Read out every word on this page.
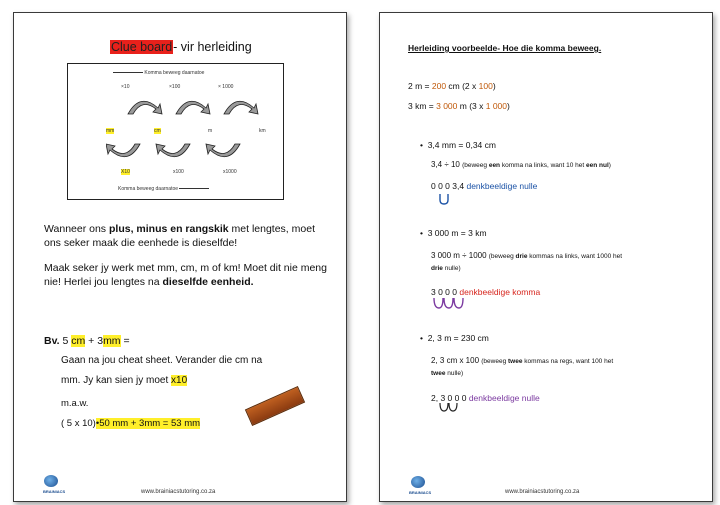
Clue board- vir herleiding
Komma beweeg daarnatoe
×10	×100	× 1000
mm	cm	m	km
X10	x100	x1000
Komma beweeg daarnatoe
Wanneer ons plus, minus en rangskik met lengtes, moet ons seker maak die eenhede is dieselfde!
Maak seker jy werk met mm, cm, m of km! Moet dit nie meng nie! Herlei jou lengtes na dieselfde eenheid.
Bv. 5 cm + 3mm =
Gaan na jou cheat sheet. Verander die cm na
mm. Jy kan sien jy moet x10
m.a.w.
( 5 x 10)•50 mm + 3mm = 53 mm
BRAINIACS	www.brainiacstutoring.co.za
Herleiding voorbeelde- Hoe die komma beweeg.
2 m = 200 cm (2 x 100)
3 km = 3 000 m (3 x 1 000)
•  3,4 mm = 0,34 cm
3,4 ÷ 10 (beweeg een komma na links, want 10 het een nul)
0 0 0 3,4 denkbeeldige nulle
•  3 000 m = 3 km
3 000 m ÷ 1000 (beweeg drie kommas na links, want 1000 het
drie nulle)
3 0 0 0 denkbeeldige komma
•  2, 3 m = 230 cm
2, 3 cm x 100 (beweeg twee kommas na regs, want 100 het
twee nulle)
2, 3 0 0 0 denkbeeldige nulle
BRAINIACS	www.brainiacstutoring.co.za
